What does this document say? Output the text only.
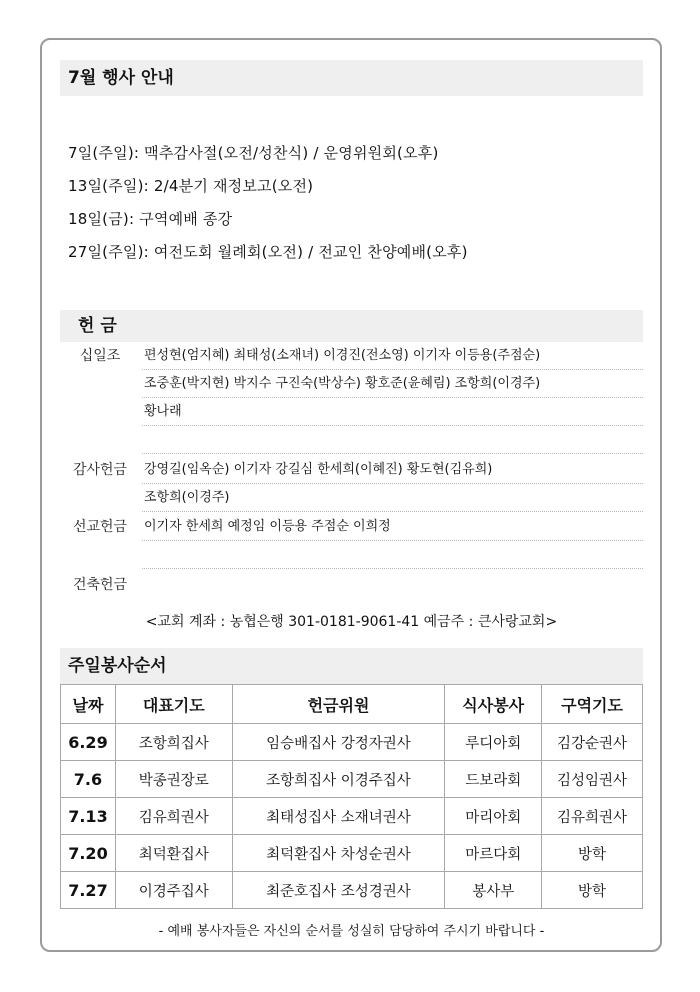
7월 행사 안내
7일(주일): 맥추감사절(오전/성찬식) / 운영위원회(오후)
13일(주일): 2/4분기 재정보고(오전)
18일(금): 구역예배 종강
27일(주일): 여전도회 월례회(오전) / 전교인 찬양예배(오후)
헌금
십일조	편성현(엄지혜) 최태성(소재녀) 이경진(전소영) 이기자 이등용(주점순)
조중훈(박지현) 박지수 구진숙(박상수) 황호준(윤혜림) 조항희(이경주)
황나래
감사헌금	강영길(임옥순) 이기자 강길심 한세희(이혜진) 황도현(김유희)
조항희(이경주)
선교헌금	이기자 한세희 예정임 이등용 주점순 이희정
건축헌금
<교회 계좌 : 농협은행 301-0181-9061-41 예금주 : 큰사랑교회>
주일봉사순서
날짜	대표기도	헌금위원	식사봉사	구역기도
6.29	조항희집사	임승배집사 강정자권사	루디아회	김강순권사
7.6	박종권장로	조항희집사 이경주집사	드보라회	김성임권사
7.13	김유희권사	최태성집사 소재녀권사	마리아회	김유희권사
7.20	최덕환집사	최덕환집사 차성순권사	마르다회	방학
7.27	이경주집사	최준호집사 조성경권사	봉사부	방학
- 예배 봉사자들은 자신의 순서를 성실히 담당하여 주시기 바랍니다 -
